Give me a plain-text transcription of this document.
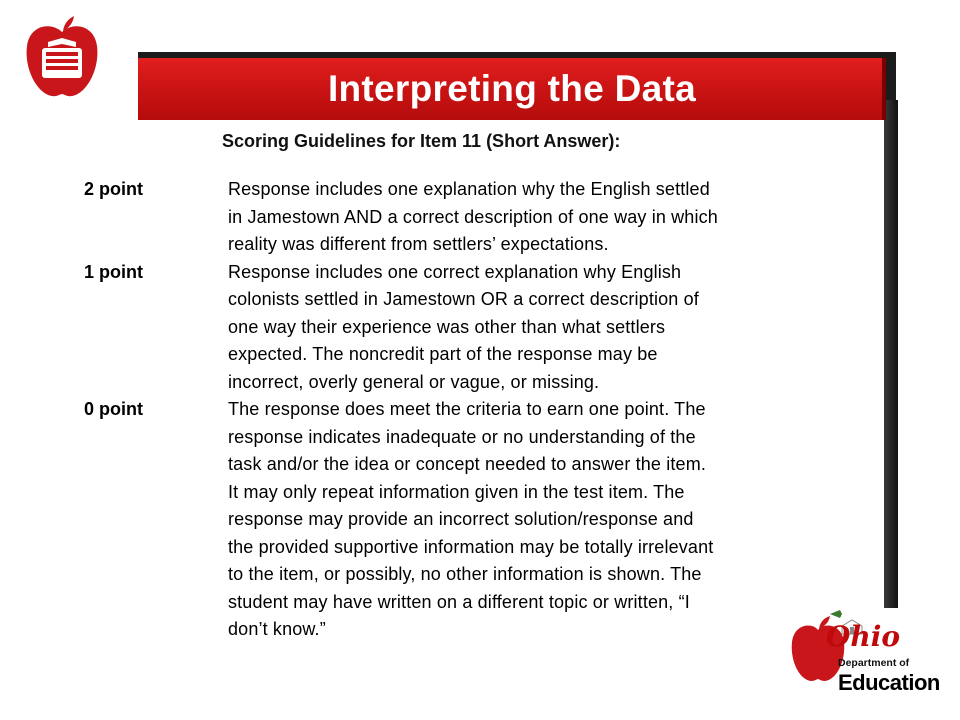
Interpreting the Data
Scoring Guidelines for Item 11 (Short Answer):
2 point	Response includes one explanation why the English settled
in Jamestown AND a correct description of one way in which
reality was different from settlers’ expectations.
1 point	Response includes one correct explanation why English
colonists settled in Jamestown OR a correct description of
one way their experience was other than what settlers
expected. The noncredit part of the response may be
incorrect, overly general or vague, or missing.
0 point	The response does meet the criteria to earn one point. The
response indicates inadequate or no understanding of the
task and/or the idea or concept needed to answer the item.
It may only repeat information given in the test item. The
response may provide an incorrect solution/response and
the provided supportive information may be totally irrelevant
to the item, or possibly, no other information is shown. The
student may have written on a different topic or written, “I
don’t know.”	Ohio
Department of
Education
